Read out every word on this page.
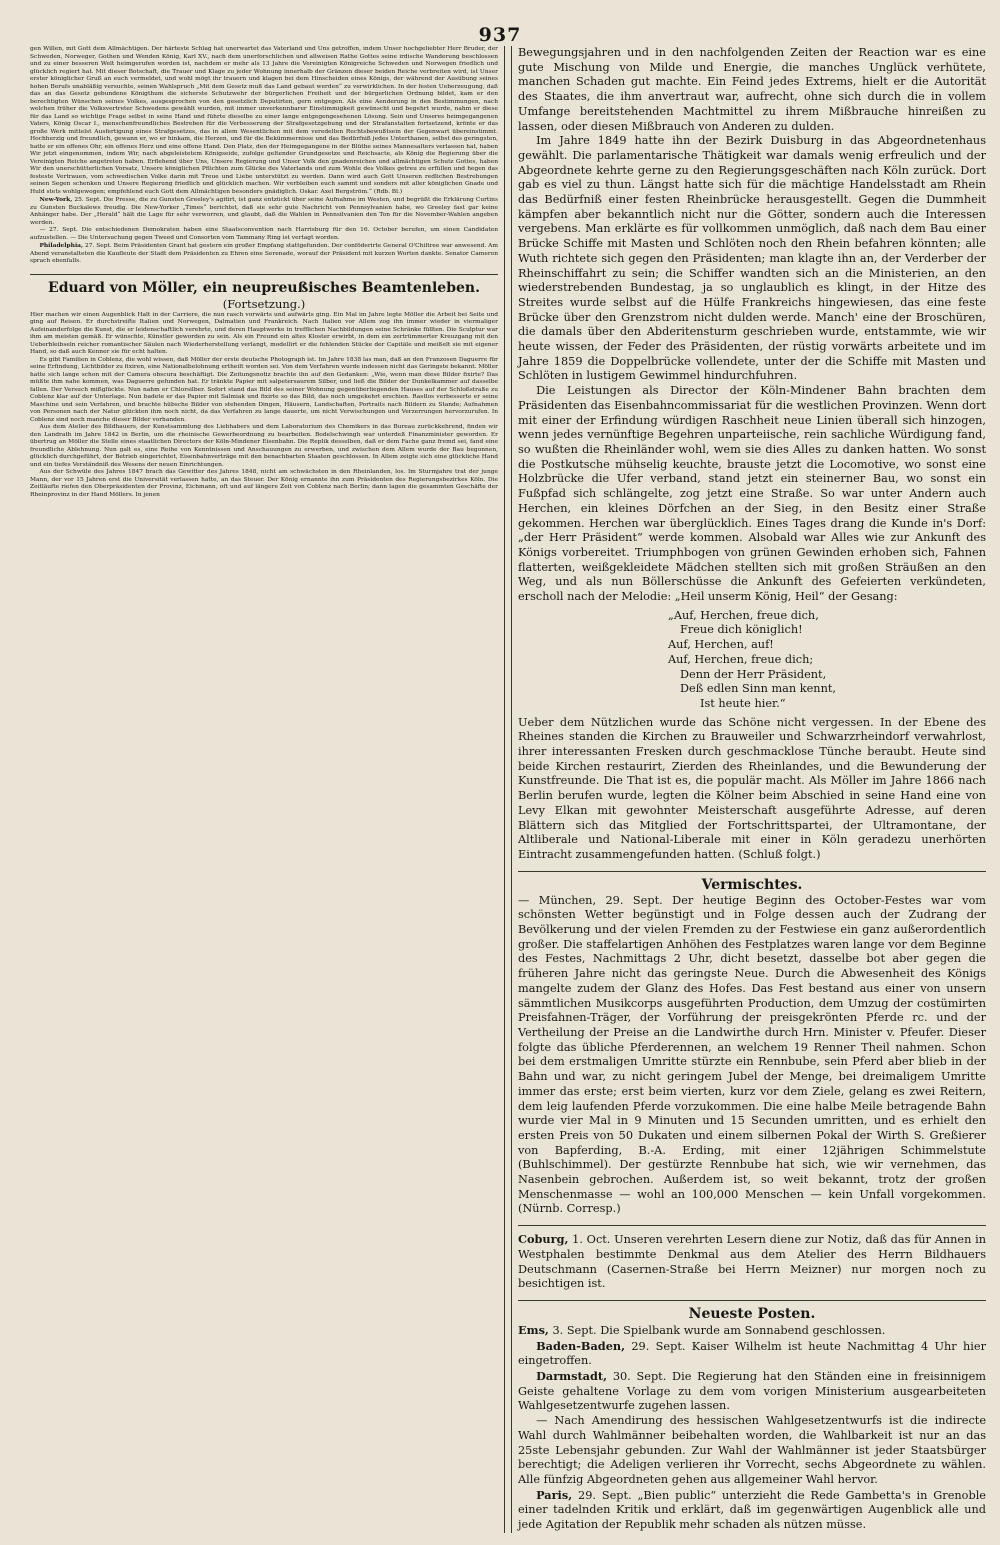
937

gen Willen, mit Gott dem Allmächtigen. Der härteste Schlag hat unerwartet das Vaterland und Uns getroffen, indem Unser hochgeliebter Herr Bruder, der Schweden, Norweger, Gothen und Wenden König, Karl XV., nach dem unerforschlichen und allweisen Rathe Gottes seine irdische Wanderung beschlossen und zu einer besseren Welt heimgerufen worden ist, nachdem er mehr als 13 Jahre die Vereinigten Königreiche Schweden und Norwegen friedlich und glücklich regiert hat. Mit dieser Botschaft, die Trauer und Klage zu jeder Wohnung innerhalb der Gränzen dieser beiden Reiche verbreiten wird, ist Unser erster königlicher Gruß an euch vermeldet, und wohl mögt ihr trauern und klagen bei dem Hinscheiden eines Königs, der während der Ausübung seines hohen Berufs unabläßig versuchte, seinen Wahlspruch „Mit dem Gesetz muß das Land gebaut werden“ zu verwirklichen. In der festen Ueberzeugung, daß das an das Gesetz gebundene Königthum die sicherste Schutzwehr der bürgerlichen Freiheit und der bürgerlichen Ordnung bildet, kam er den berechtigten Wünschen seines Volkes, ausgesprochen von den gesetzlich Deputirten, gern entgegen. Als eine Aenderung in den Bestimmungen, nach welchen früher die Volksvertreter Schwedens gewählt wurden, mit immer unverkennbarer Einstimmigkeit gewünscht und begehrt wurde, nahm er diese für das Land so wichtige Frage selbst in seine Hand und führte dieselbe zu einer lange entgegengesehenen Lösung. Sein und Unseres heimgegangenen Vaters, König Oscar I., menschenfreundliches Bestreben für die Verbesserung der Strafgesetzgebung und der Strafanstalten fortsetzend, krönte er das große Werk mittelst Ausfertigung eines Strafgesetzes, das in allem Wesentlichen mit dem veredelten Rechtsbewußtsein der Gegenwart übereinstimmt. Hochherzig und freundlich, gewann er, wo er hinkam, die Herzen, und für die Bekümmernisse und das Bedürfniß jedes Unterthanen, selbst des geringsten, hatte er ein offenes Ohr, ein offenes Herz und eine offene Hand. Den Platz, den der Heimgegangene in der Blüthe seines Mannesalters verlassen hat, haben Wir jetzt eingenommen, indem Wir, nach abgeleistetem Königseide, zufolge geltender Grundgesetze und Reichsacte, als König die Regierung über die Vereinigten Reiche angetreten haben. Erflehend über Uns, Unsere Regierung und Unser Volk den gnadenreichen und allmächtigen Schutz Gottes, haben Wir den unerschütterlichen Vorsatz, Unsere königlichen Pflichten zum Glücke des Vaterlands und zum Wohle des Volkes getreu zu erfüllen und hegen das festeste Vertrauen, vom schwedischen Volke darin mit Treue und Liebe unterstützt zu werden. Dann wird auch Gott Unseren redlichen Bestrebungen seinen Segen schenken und Unsere Regierung friedlich und glücklich machen. Wir verbleiben euch sammt und sonders mit aller königlichen Gnade und Huld stets wohlgewogen; empfehlend euch Gott dem Allmächtigen besonders gnädiglich. Oskar. Axel Bergström.“ (Rdb. Bl.)

New-York, 25. Sept. Die Presse, die zu Gunsten Greeley's agitirt, ist ganz entzückt über seine Aufnahme im Westen, und begrüßt die Erklärung Curtins zu Gunsten Buckalews freudig. Die New-Yorker „Times“ berichtet, daß sie sehr gute Nachricht von Pennsylvanien habe, wo Greeley fast gar keine Anhänger habe. Der „Herald“ hält die Lage für sehr verworren, und glaubt, daß die Wahlen in Pennsilvanien den Ton für die November-Wahlen angeben werden.

— 27. Sept. Die entschiedenen Demokraten haben eine Staatsconvention nach Harrisburg für den 16. October berufen, um einen Candidaten aufzustellen. — Die Untersuchung gegen Tweed und Consorten vom Tammany Ring ist vertagt worden.

Philadelphia, 27. Sept. Beim Präsidenten Grant hat gestern ein großer Empfang stattgefunden. Der conföderirte General O'Chiltree war anwesend. Am Abend veranstalteten die Kaufleute der Stadt dem Präsidenten zu Ehren eine Serenade, worauf der Präsident mit kurzen Worten dankte. Senator Cameron sprach ebenfalls.

Eduard von Möller, ein neupreußisches Beamtenleben.
(Fortsetzung.)

Hier machen wir einen Augenblick Halt in der Carriere, die nun rasch vorwärts und aufwärts ging. Ein Mal im Jahre legte Möller die Arbeit bei Seite und ging auf Reisen. Er durchstreifte Italien und Norwegen, Dalmatien und Frankreich. Nach Italien vor Allem zog ihn immer wieder in viermaliger Aufeinanderfolge die Kunst, die er leidenschaftlich verehrte, und deren Hauptwerke in trefflichen Nachbildungen seine Schränke füllten. Die Sculptur war ihm am meisten gemäß. Er wünschte, Künstler geworden zu sein. Als ein Freund ein altes Kloster erwirbt, in dem ein zertrümmerter Kreuzgang mit den Ueberbleibseln reicher romantischer Säulen nach Wiederherstellung verlangt, modellirt er die fehlenden Stücke der Capitäle und meißelt sie mit eigener Hand, so daß auch Kenner sie für echt halten.

Es gibt Familien in Coblenz, die wohl wissen, daß Möller der erste deutsche Photograph ist. Im Jahre 1838 las man, daß an den Franzosen Daguerre für seine Erfindung, Lichtbilder zu fixiren, eine Nationalbelohnung ertheilt worden sei. Von dem Verfahren wurde indessen nicht das Geringste bekannt. Möller hatte sich lange schon mit der Camera obscura beschäftigt. Die Zeitungsnotiz brachte ihn auf den Gedanken: „Wie, wenn man diese Bilder fixirte? Das müßte ihm nahe kommen, was Daguerre gefunden hat. Er tränkte Papier mit salpetersaurem Silber, und ließ die Bilder der Dunkelkammer auf dasselbe fallen. Der Versuch mißglückte. Nun nahm er Chlorsilber. Sofort stand das Bild des seiner Wohnung gegenüberliegenden Hauses auf der Schloßstraße zu Coblenz klar auf der Unterlage. Nun badete er das Papier mit Salmiak und fixirte so das Bild, das noch umgekehrt erschien. Rastlos verbesserte er seine Maschine und sein Verfahren, und brachte hübsche Bilder von stehenden Dingen, Häusern, Landschaften, Portraits nach Bildern zu Stande; Aufnahmen von Personen nach der Natur glückten ihm noch nicht, da das Verfahren zu lange dauerte, um nicht Verwischungen und Verzerrungen hervorzurufen. In Coblenz sind noch manche dieser Bilder vorhanden.

Aus dem Atelier des Bildhauers, der Kunstsammlung des Liebhabers und dem Laboratorium des Chemikers in das Bureau zurückkehrend, finden wir den Landrath im Jahre 1842 in Berlin, um die rheinische Gewerbeordnung zu bearbeiten. Bodelschwingh war unterdeß Finanzminister geworden. Er übertrug an Möller die Stelle eines staatlichen Directors der Köln-Mindener Eisenbahn. Die Replik desselben, daß er dem Fache ganz fremd sei, fand eine freundliche Ablehnung. Nun galt es, eine Reihe von Kenntnissen und Anschauungen zu erwerben, und zwischen dem Allem wurde der Bau begonnen, glücklich durchgeführt, der Betrieb eingerichtet, Eisenbahnverträge mit den benachbarten Staaten geschlossen. In Allem zeigte sich eine glückliche Hand und ein tiefes Verständniß des Wesens der neuen Einrichtungen.

Aus der Schwüle des Jahres 1847 brach das Gewitter des Jahres 1848, nicht am schwächsten in den Rheinlanden, los. Im Sturmjahre trat der junge Mann, der vor 15 Jahren erst die Universität verlassen hatte, an das Steuer. Der König ernannte ihn zum Präsidenten des Regierungsbezirkes Köln. Die Zeitläufte riefen den Oberpräsidenten der Provinz, Eichmann, oft und auf längere Zeit von Coblenz nach Berlin; dann lagen die gesammten Geschäfte der Rheinprovinz in der Hand Möllers. In jenen

Bewegungsjahren und in den nachfolgenden Zeiten der Reaction war es eine gute Mischung von Milde und Energie, die manches Unglück verhütete, manchen Schaden gut machte. Ein Feind jedes Extrems, hielt er die Autorität des Staates, die ihm anvertraut war, aufrecht, ohne sich durch die in vollem Umfange bereitstehenden Machtmittel zu ihrem Mißbrauche hinreißen zu lassen, oder diesen Mißbrauch von Anderen zu dulden.

Im Jahre 1849 hatte ihn der Bezirk Duisburg in das Abgeordnetenhaus gewählt. Die parlamentarische Thätigkeit war damals wenig erfreulich und der Abgeordnete kehrte gerne zu den Regierungsgeschäften nach Köln zurück. Dort gab es viel zu thun. Längst hatte sich für die mächtige Handelsstadt am Rhein das Bedürfniß einer festen Rheinbrücke herausgestellt. Gegen die Dummheit kämpfen aber bekanntlich nicht nur die Götter, sondern auch die Interessen vergebens. Man erklärte es für vollkommen unmöglich, daß nach dem Bau einer Brücke Schiffe mit Masten und Schlöten noch den Rhein befahren könnten; alle Wuth richtete sich gegen den Präsidenten; man klagte ihn an, der Verderber der Rheinschiffahrt zu sein; die Schiffer wandten sich an die Ministerien, an den wiederstrebenden Bundestag, ja so unglaublich es klingt, in der Hitze des Streites wurde selbst auf die Hülfe Frankreichs hingewiesen, das eine feste Brücke über den Grenzstrom nicht dulden werde. Manch' eine der Broschüren, die damals über den Abderitensturm geschrieben wurde, entstammte, wie wir heute wissen, der Feder des Präsidenten, der rüstig vorwärts arbeitete und im Jahre 1859 die Doppelbrücke vollendete, unter der die Schiffe mit Masten und Schlöten in lustigem Gewimmel hindurchfuhren.

Die Leistungen als Director der Köln-Mindener Bahn brachten dem Präsidenten das Eisenbahncommissariat für die westlichen Provinzen. Wenn dort mit einer der Erfindung würdigen Raschheit neue Linien überall sich hinzogen, wenn jedes vernünftige Begehren unparteiische, rein sachliche Würdigung fand, so wußten die Rheinländer wohl, wem sie dies Alles zu danken hatten. Wo sonst die Postkutsche mühselig keuchte, brauste jetzt die Locomotive, wo sonst eine Holzbrücke die Ufer verband, stand jetzt ein steinerner Bau, wo sonst ein Fußpfad sich schlängelte, zog jetzt eine Straße. So war unter Andern auch Herchen, ein kleines Dörfchen an der Sieg, in den Besitz einer Straße gekommen. Herchen war überglücklich. Eines Tages drang die Kunde in's Dorf: „der Herr Präsident“ werde kommen. Alsobald war Alles wie zur Ankunft des Königs vorbereitet. Triumphbogen von grünen Gewinden erhoben sich, Fahnen flatterten, weißgekleidete Mädchen stellten sich mit großen Sträußen an den Weg, und als nun Böllerschüsse die Ankunft des Gefeierten verkündeten, erscholl nach der Melodie: „Heil unserm König, Heil“ der Gesang:

„Auf, Herchen, freue dich,
Freue dich königlich!
Auf, Herchen, auf!
Auf, Herchen, freue dich;
Denn der Herr Präsident,
Deß edlen Sinn man kennt,
Ist heute hier.“

Ueber dem Nützlichen wurde das Schöne nicht vergessen. In der Ebene des Rheines standen die Kirchen zu Brauweiler und Schwarzrheindorf verwahrlost, ihrer interessanten Fresken durch geschmacklose Tünche beraubt. Heute sind beide Kirchen restaurirt, Zierden des Rheinlandes, und die Bewunderung der Kunstfreunde. Die That ist es, die populär macht. Als Möller im Jahre 1866 nach Berlin berufen wurde, legten die Kölner beim Abschied in seine Hand eine von Levy Elkan mit gewohnter Meisterschaft ausgeführte Adresse, auf deren Blättern sich das Mitglied der Fortschrittspartei, der Ultramontane, der Altliberale und National-Liberale mit einer in Köln geradezu unerhörten Eintracht zusammengefunden hatten. (Schluß folgt.)

Vermischtes.

— München, 29. Sept. Der heutige Beginn des October-Festes war vom schönsten Wetter begünstigt und in Folge dessen auch der Zudrang der Bevölkerung und der vielen Fremden zu der Festwiese ein ganz außerordentlich großer. Die staffelartigen Anhöhen des Festplatzes waren lange vor dem Beginne des Festes, Nachmittags 2 Uhr, dicht besetzt, dasselbe bot aber gegen die früheren Jahre nicht das geringste Neue. Durch die Abwesenheit des Königs mangelte zudem der Glanz des Hofes. Das Fest bestand aus einer von unsern sämmtlichen Musikcorps ausgeführten Production, dem Umzug der costümirten Preisfahnen-Träger, der Vorführung der preisgekrönten Pferde rc. und der Vertheilung der Preise an die Landwirthe durch Hrn. Minister v. Pfeufer. Dieser folgte das übliche Pferderennen, an welchem 19 Renner Theil nahmen. Schon bei dem erstmaligen Umritte stürzte ein Rennbube, sein Pferd aber blieb in der Bahn und war, zu nicht geringem Jubel der Menge, bei dreimaligem Umritte immer das erste; erst beim vierten, kurz vor dem Ziele, gelang es zwei Reitern, dem leig laufenden Pferde vorzukommen. Die eine halbe Meile betragende Bahn wurde vier Mal in 9 Minuten und 15 Secunden umritten, und es erhielt den ersten Preis von 50 Dukaten und einem silbernen Pokal der Wirth S. Greßierer von Bapferding, B.-A. Erding, mit einer 12jährigen Schimmelstute (Buhlschimmel). Der gestürzte Rennbube hat sich, wie wir vernehmen, das Nasenbein gebrochen. Außerdem ist, so weit bekannt, trotz der großen Menschenmasse — wohl an 100,000 Menschen — kein Unfall vorgekommen. (Nürnb. Corresp.)

Coburg, 1. Oct. Unseren verehrten Lesern diene zur Notiz, daß das für Annen in Westphalen bestimmte Denkmal aus dem Atelier des Herrn Bildhauers Deutschmann (Casernen-Straße bei Herrn Meizner) nur morgen noch zu besichtigen ist.

Neueste Posten.

Ems, 3. Sept. Die Spielbank wurde am Sonnabend geschlossen.

Baden-Baden, 29. Sept. Kaiser Wilhelm ist heute Nachmittag 4 Uhr hier eingetroffen.

Darmstadt, 30. Sept. Die Regierung hat den Ständen eine in freisinnigem Geiste gehaltene Vorlage zu dem vom vorigen Ministerium ausgearbeiteten Wahlgesetzentwurfe zugehen lassen.

— Nach Amendirung des hessischen Wahlgesetzentwurfs ist die indirecte Wahl durch Wahlmänner beibehalten worden, die Wahlbarkeit ist nur an das 25ste Lebensjahr gebunden. Zur Wahl der Wahlmänner ist jeder Staatsbürger berechtigt; die Adeligen verlieren ihr Vorrecht, sechs Abgeordnete zu wählen. Alle fünfzig Abgeordneten gehen aus allgemeiner Wahl hervor.

Paris, 29. Sept. „Bien public“ unterzieht die Rede Gambetta's in Grenoble einer tadelnden Kritik und erklärt, daß im gegenwärtigen Augenblick alle und jede Agitation der Republik mehr schaden als nützen müsse.
